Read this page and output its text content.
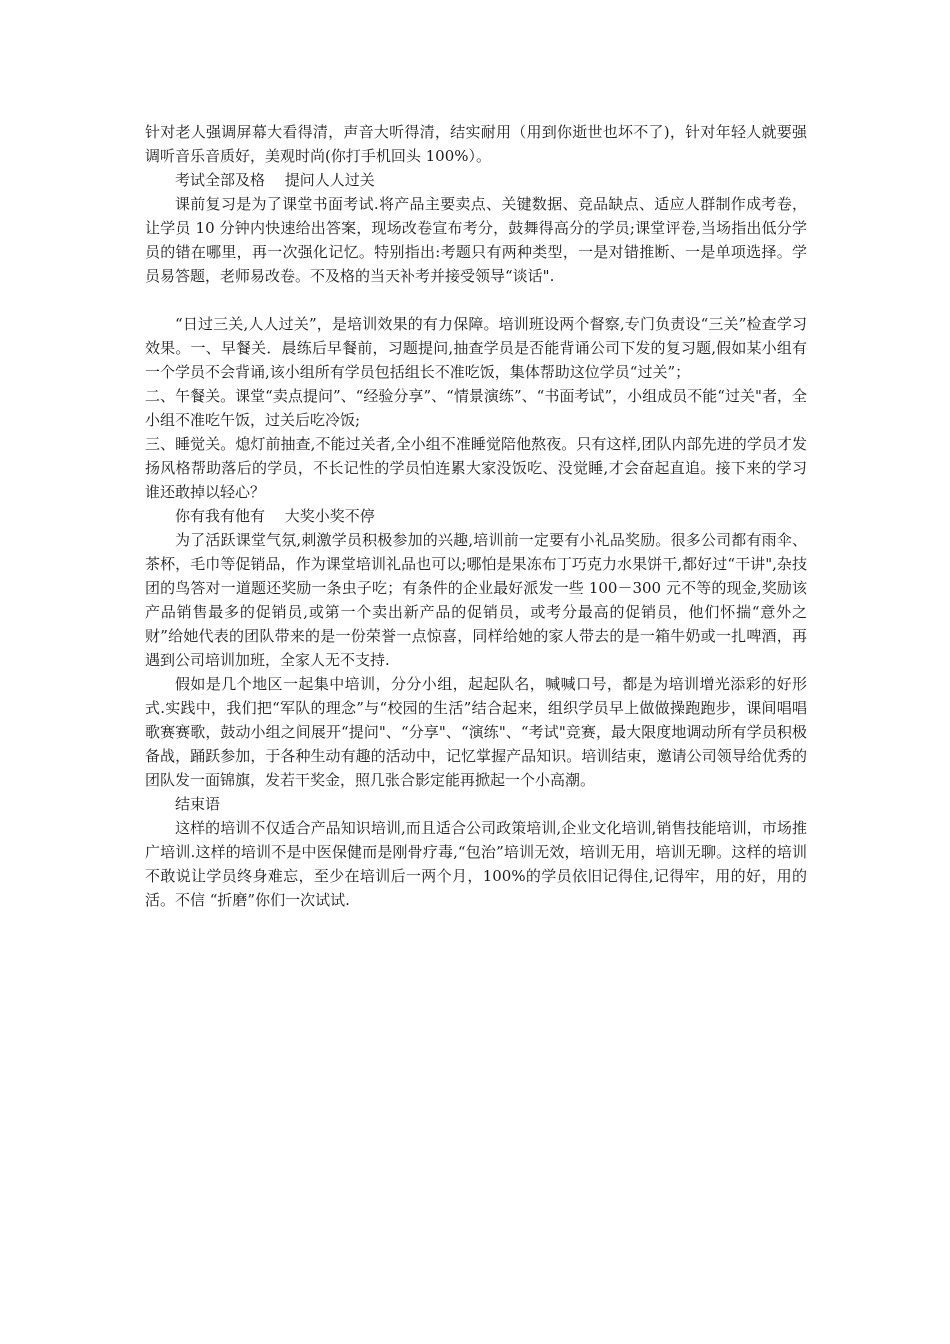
针对老人强调屏幕大看得清，声音大听得清，结实耐用（用到你逝世也坏不了)，针对年轻人就要强调听音乐音质好，美观时尚(你打手机回头 100%）。

考试全部及格　 提问人人过关

课前复习是为了课堂书面考试.将产品主要卖点、关键数据、竞品缺点、适应人群制作成考卷，让学员 10 分钟内快速给出答案，现场改卷宣布考分，鼓舞得高分的学员;课堂评卷,当场指出低分学员的错在哪里，再一次强化记忆。特别指出:考题只有两种类型，一是对错推断、一是单项选择。学员易答题，老师易改卷。不及格的当天补考并接受领导“谈话".

“日过三关,人人过关”，是培训效果的有力保障。培训班设两个督察,专门负责设“三关”检查学习效果。一、早餐关．晨练后早餐前，习题提问,抽查学员是否能背诵公司下发的复习题,假如某小组有一个学员不会背诵,该小组所有学员包括组长不准吃饭，集体帮助这位学员“过关”；

二、午餐关。课堂“卖点提问”、“经验分享”、“情景演练”、“书面考试”，小组成员不能“过关"者，全小组不准吃午饭，过关后吃冷饭;

三、睡觉关。熄灯前抽查,不能过关者,全小组不准睡觉陪他熬夜。只有这样,团队内部先进的学员才发扬风格帮助落后的学员，不长记性的学员怕连累大家没饭吃、没觉睡,才会奋起直追。接下来的学习谁还敢掉以轻心？

你有我有他有　 大奖小奖不停

为了活跃课堂气氛,刺激学员积极参加的兴趣,培训前一定要有小礼品奖励。很多公司都有雨伞、茶杯，毛巾等促销品，作为课堂培训礼品也可以;哪怕是果冻布丁巧克力水果饼干,都好过“干讲",杂技团的鸟答对一道题还奖励一条虫子吃；有条件的企业最好派发一些 100－300 元不等的现金,奖励该产品销售最多的促销员,或第一个卖出新产品的促销员，或考分最高的促销员，他们怀揣“意外之财”给她代表的团队带来的是一份荣誉一点惊喜，同样给她的家人带去的是一箱牛奶或一扎啤酒，再遇到公司培训加班，全家人无不支持.

假如是几个地区一起集中培训，分分小组，起起队名，喊喊口号，都是为培训增光添彩的好形式.实践中，我们把“军队的理念”与“校园的生活”结合起来，组织学员早上做做操跑跑步，课间唱唱歌赛赛歌，鼓动小组之间展开“提问"、“分享"、“演练"、“考试"竞赛，最大限度地调动所有学员积极备战，踊跃参加，于各种生动有趣的活动中，记忆掌握产品知识。培训结束，邀请公司领导给优秀的团队发一面锦旗，发若干奖金，照几张合影定能再掀起一个小高潮。

结束语

这样的培训不仅适合产品知识培训,而且适合公司政策培训,企业文化培训,销售技能培训，市场推广培训.这样的培训不是中医保健而是刚骨疗毒,“包治”培训无效，培训无用，培训无聊。这样的培训不敢说让学员终身难忘，至少在培训后一两个月，100%的学员依旧记得住,记得牢，用的好，用的活。不信 “折磨”你们一次试试.
